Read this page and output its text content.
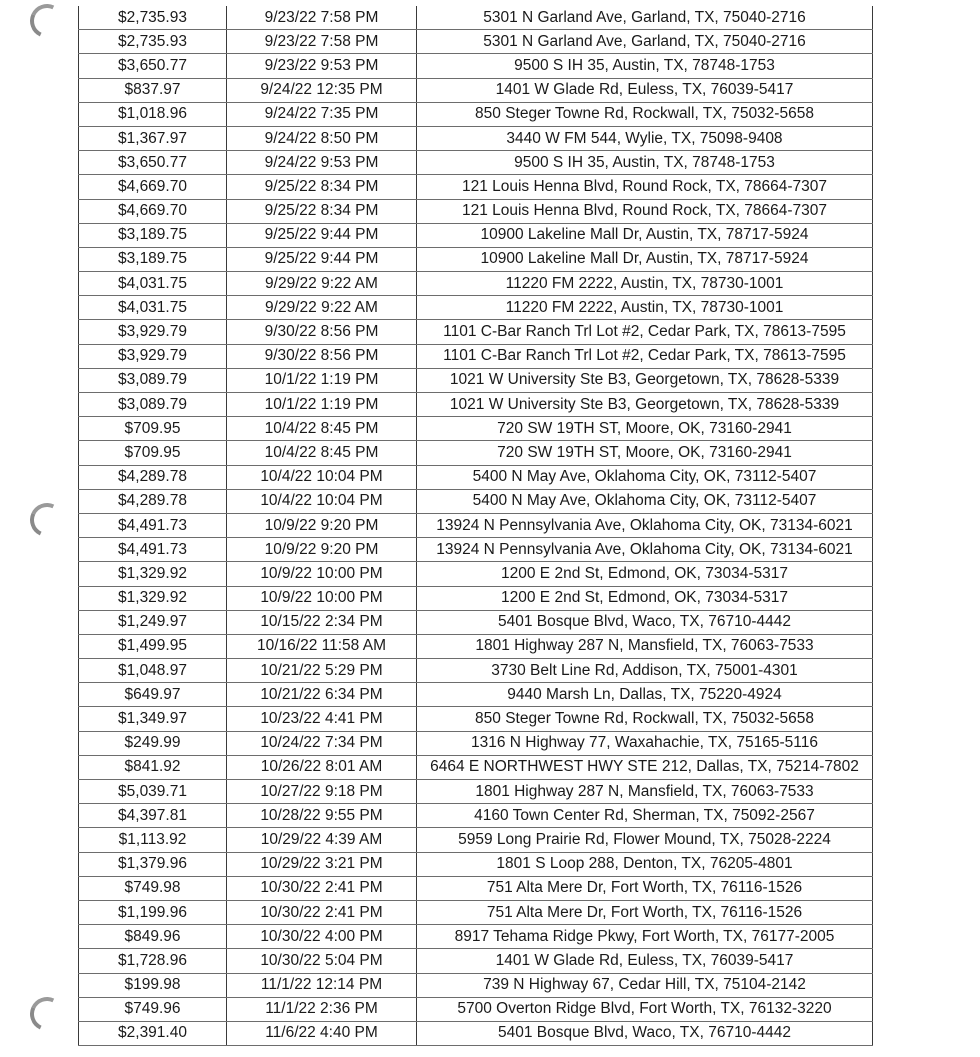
$2,735.93	9/23/22 7:58 PM	5301 N Garland Ave, Garland, TX, 75040-2716
$2,735.93	9/23/22 7:58 PM	5301 N Garland Ave, Garland, TX, 75040-2716
$3,650.77	9/23/22 9:53 PM	9500 S IH 35, Austin, TX, 78748-1753
$837.97	9/24/22 12:35 PM	1401 W Glade Rd, Euless, TX, 76039-5417
$1,018.96	9/24/22 7:35 PM	850 Steger Towne Rd, Rockwall, TX, 75032-5658
$1,367.97	9/24/22 8:50 PM	3440 W FM 544, Wylie, TX, 75098-9408
$3,650.77	9/24/22 9:53 PM	9500 S IH 35, Austin, TX, 78748-1753
$4,669.70	9/25/22 8:34 PM	121 Louis Henna Blvd, Round Rock, TX, 78664-7307
$4,669.70	9/25/22 8:34 PM	121 Louis Henna Blvd, Round Rock, TX, 78664-7307
$3,189.75	9/25/22 9:44 PM	10900 Lakeline Mall Dr, Austin, TX, 78717-5924
$3,189.75	9/25/22 9:44 PM	10900 Lakeline Mall Dr, Austin, TX, 78717-5924
$4,031.75	9/29/22 9:22 AM	11220 FM 2222, Austin, TX, 78730-1001
$4,031.75	9/29/22 9:22 AM	11220 FM 2222, Austin, TX, 78730-1001
$3,929.79	9/30/22 8:56 PM	1101 C-Bar Ranch Trl Lot #2, Cedar Park, TX, 78613-7595
$3,929.79	9/30/22 8:56 PM	1101 C-Bar Ranch Trl Lot #2, Cedar Park, TX, 78613-7595
$3,089.79	10/1/22 1:19 PM	1021 W University Ste B3, Georgetown, TX, 78628-5339
$3,089.79	10/1/22 1:19 PM	1021 W University Ste B3, Georgetown, TX, 78628-5339
$709.95	10/4/22 8:45 PM	720 SW 19TH ST, Moore, OK, 73160-2941
$709.95	10/4/22 8:45 PM	720 SW 19TH ST, Moore, OK, 73160-2941
$4,289.78	10/4/22 10:04 PM	5400 N May Ave, Oklahoma City, OK, 73112-5407
$4,289.78	10/4/22 10:04 PM	5400 N May Ave, Oklahoma City, OK, 73112-5407
$4,491.73	10/9/22 9:20 PM	13924 N Pennsylvania Ave, Oklahoma City, OK, 73134-6021
$4,491.73	10/9/22 9:20 PM	13924 N Pennsylvania Ave, Oklahoma City, OK, 73134-6021
$1,329.92	10/9/22 10:00 PM	1200 E 2nd St, Edmond, OK, 73034-5317
$1,329.92	10/9/22 10:00 PM	1200 E 2nd St, Edmond, OK, 73034-5317
$1,249.97	10/15/22 2:34 PM	5401 Bosque Blvd, Waco, TX, 76710-4442
$1,499.95	10/16/22 11:58 AM	1801 Highway 287 N, Mansfield, TX, 76063-7533
$1,048.97	10/21/22 5:29 PM	3730 Belt Line Rd, Addison, TX, 75001-4301
$649.97	10/21/22 6:34 PM	9440 Marsh Ln, Dallas, TX, 75220-4924
$1,349.97	10/23/22 4:41 PM	850 Steger Towne Rd, Rockwall, TX, 75032-5658
$249.99	10/24/22 7:34 PM	1316 N Highway 77, Waxahachie, TX, 75165-5116
$841.92	10/26/22 8:01 AM	6464 E NORTHWEST HWY STE 212, Dallas, TX, 75214-7802
$5,039.71	10/27/22 9:18 PM	1801 Highway 287 N, Mansfield, TX, 76063-7533
$4,397.81	10/28/22 9:55 PM	4160 Town Center Rd, Sherman, TX, 75092-2567
$1,113.92	10/29/22 4:39 AM	5959 Long Prairie Rd, Flower Mound, TX, 75028-2224
$1,379.96	10/29/22 3:21 PM	1801 S Loop 288, Denton, TX, 76205-4801
$749.98	10/30/22 2:41 PM	751 Alta Mere Dr, Fort Worth, TX, 76116-1526
$1,199.96	10/30/22 2:41 PM	751 Alta Mere Dr, Fort Worth, TX, 76116-1526
$849.96	10/30/22 4:00 PM	8917 Tehama Ridge Pkwy, Fort Worth, TX, 76177-2005
$1,728.96	10/30/22 5:04 PM	1401 W Glade Rd, Euless, TX, 76039-5417
$199.98	11/1/22 12:14 PM	739 N Highway 67, Cedar Hill, TX, 75104-2142
$749.96	11/1/22 2:36 PM	5700 Overton Ridge Blvd, Fort Worth, TX, 76132-3220
$2,391.40	11/6/22 4:40 PM	5401 Bosque Blvd, Waco, TX, 76710-4442
